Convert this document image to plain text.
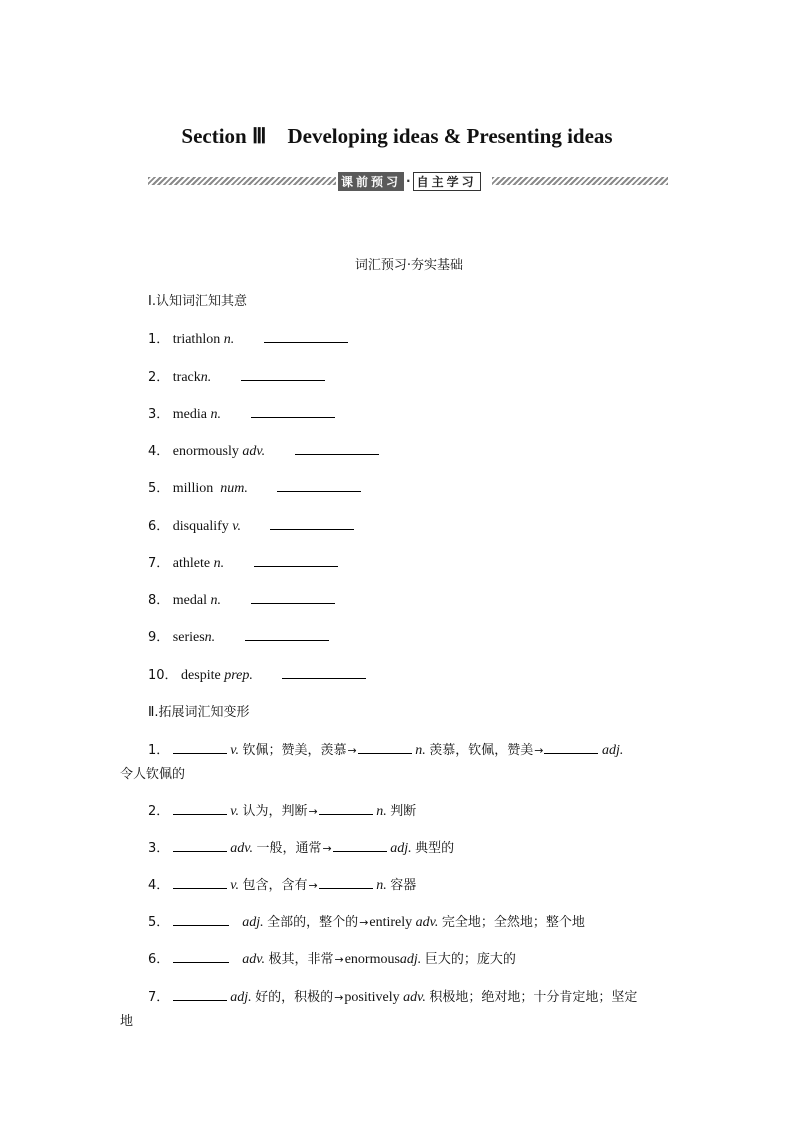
Section Ⅲ　Developing ideas & Presenting ideas
课前预习 · 自主学习
词汇预习·夯实基础
Ⅰ.认知词汇知其意
1． triathlon n.
2． trackn.
3． media n.
4． enormously adv.
5． million num.
6． disqualify v.
7． athlete n.
8． medal n.
9． seriesn.
10． despite prep.
Ⅱ.拓展词汇知变形
1．	v. 钦佩；赞美，羡慕→	n. 羡慕，钦佩，赞美→	adj.
令人钦佩的
2．	v. 认为，判断→	n. 判断
3．	adv. 一般，通常→	adj. 典型的
4．	v. 包含，含有→	n. 容器
5．	adj. 全部的，整个的→entirely adv. 完全地；全然地；整个地
6．	adv. 极其，非常→enormousadj. 巨大的；庞大的
7．	adj. 好的，积极的→positively adv. 积极地；绝对地；十分肯定地；坚定
地
